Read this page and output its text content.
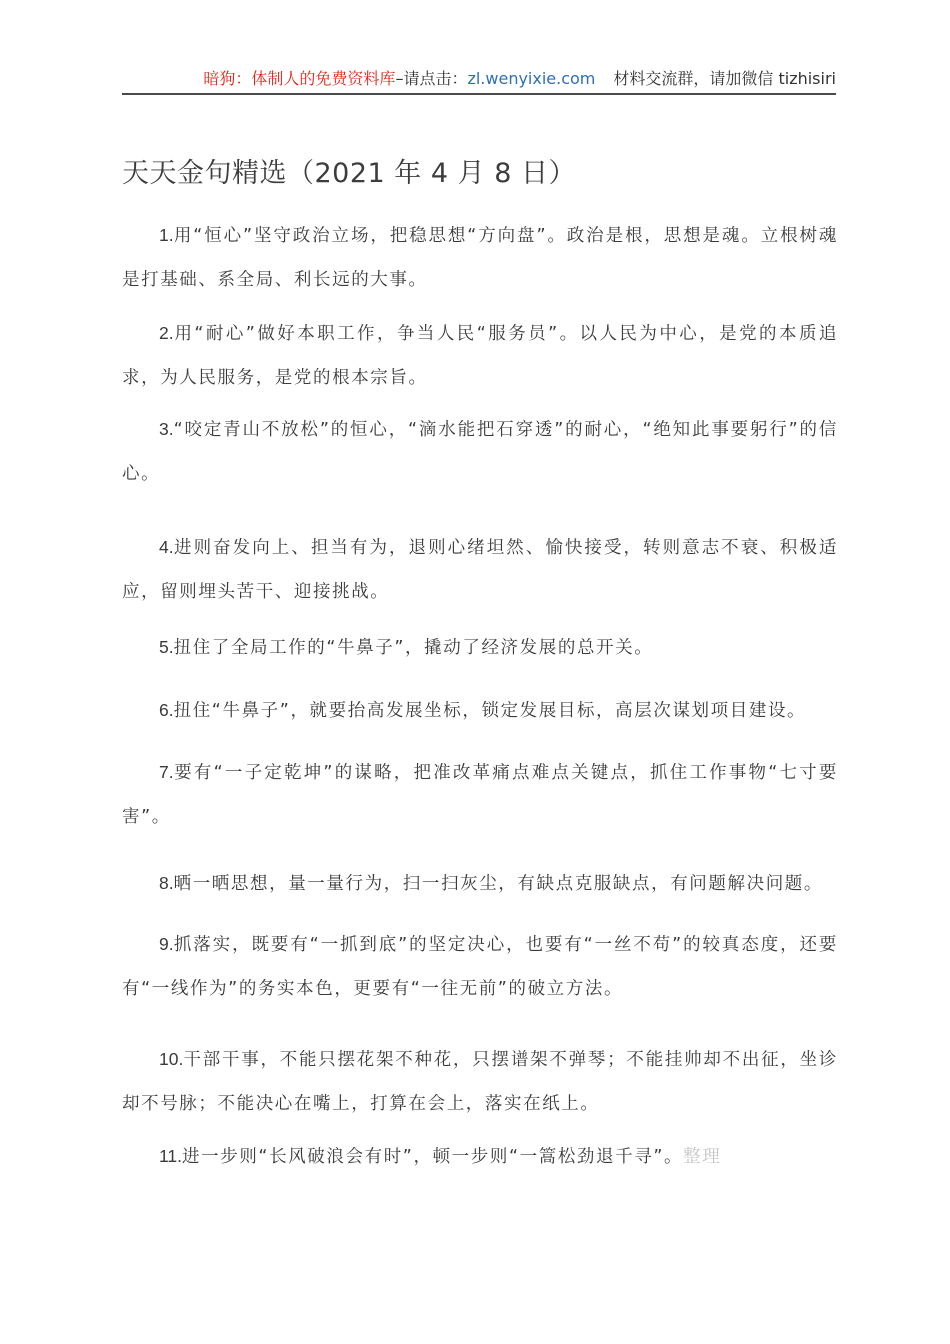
暗狗：体制人的免费资料库–请点击：zl.wenyixie.com 材料交流群，请加微信 tizhisiri
天天金句精选（2021 年 4 月 8 日）

1.用“恒心”坚守政治立场，把稳思想“方向盘”。政治是根，思想是魂。立根树魂是打基础、系全局、利长远的大事。

2.用“耐心”做好本职工作，争当人民“服务员”。以人民为中心，是党的本质追求，为人民服务，是党的根本宗旨。

3.“咬定青山不放松”的恒心，“滴水能把石穿透”的耐心，“绝知此事要躬行”的信心。

4.进则奋发向上、担当有为，退则心绪坦然、愉快接受，转则意志不衰、积极适应，留则埋头苦干、迎接挑战。

5.扭住了全局工作的“牛鼻子”，撬动了经济发展的总开关。

6.扭住“牛鼻子”，就要抬高发展坐标，锁定发展目标，高层次谋划项目建设。

7.要有“一子定乾坤”的谋略，把准改革痛点难点关键点，抓住工作事物“七寸要害”。

8.晒一晒思想，量一量行为，扫一扫灰尘，有缺点克服缺点，有问题解决问题。

9.抓落实，既要有“一抓到底”的坚定决心，也要有“一丝不苟”的较真态度，还要有“一线作为”的务实本色，更要有“一往无前”的破立方法。

10.干部干事，不能只摆花架不种花，只摆谱架不弹琴；不能挂帅却不出征，坐诊却不号脉；不能决心在嘴上，打算在会上，落实在纸上。

11.进一步则“长风破浪会有时”，顿一步则“一篙松劲退千寻”。整理
